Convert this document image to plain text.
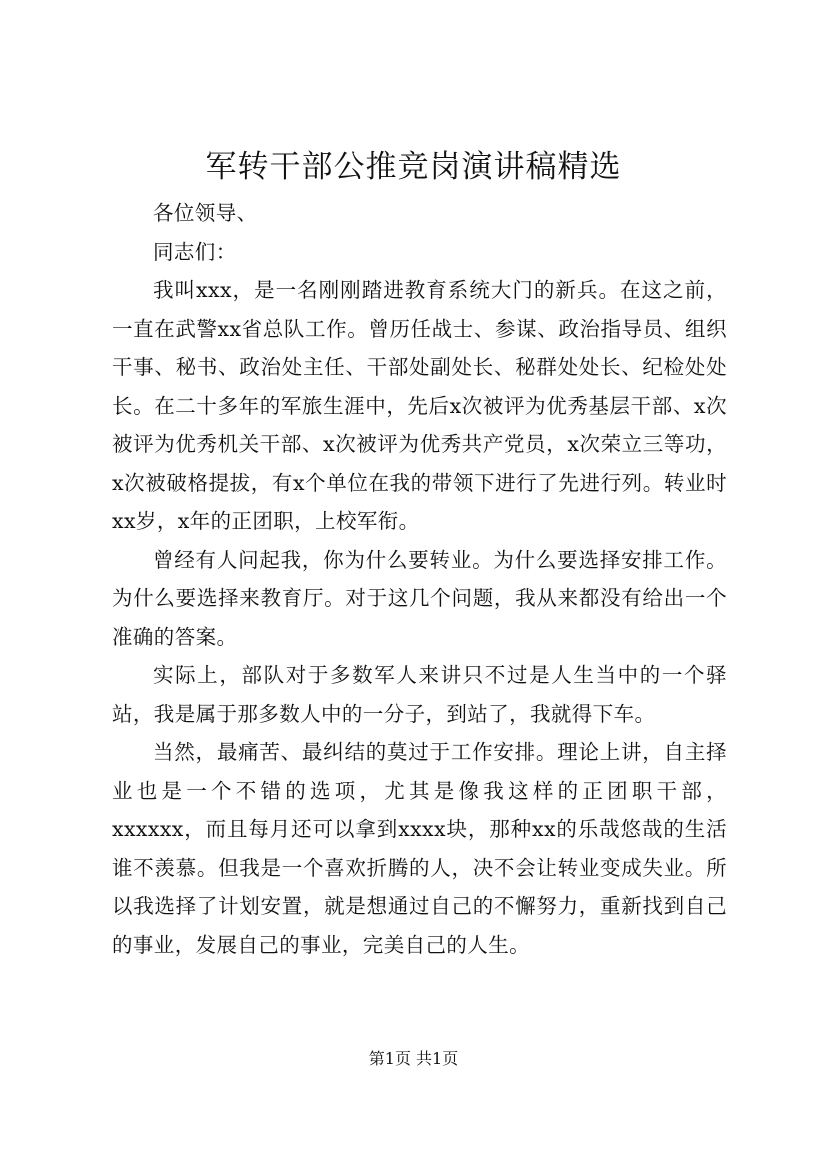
军转干部公推竞岗演讲稿精选

各位领导、

同志们：

我叫xxx，是一名刚刚踏进教育系统大门的新兵。在这之前，一直在武警xx省总队工作。曾历任战士、参谋、政治指导员、组织干事、秘书、政治处主任、干部处副处长、秘群处处长、纪检处处长。在二十多年的军旅生涯中，先后x次被评为优秀基层干部、x次被评为优秀机关干部、x次被评为优秀共产党员，x次荣立三等功，x次被破格提拔，有x个单位在我的带领下进行了先进行列。转业时xx岁，x年的正团职，上校军衔。

曾经有人问起我，你为什么要转业。为什么要选择安排工作。为什么要选择来教育厅。对于这几个问题，我从来都没有给出一个准确的答案。

实际上，部队对于多数军人来讲只不过是人生当中的一个驿站，我是属于那多数人中的一分子，到站了，我就得下车。

当然，最痛苦、最纠结的莫过于工作安排。理论上讲，自主择业也是一个不错的选项，尤其是像我这样的正团职干部，xxxxxx，而且每月还可以拿到xxxx块，那种xx的乐哉悠哉的生活谁不羡慕。但我是一个喜欢折腾的人，决不会让转业变成失业。所以我选择了计划安置，就是想通过自己的不懈努力，重新找到自己的事业，发展自己的事业，完美自己的人生。

第1页 共1页
